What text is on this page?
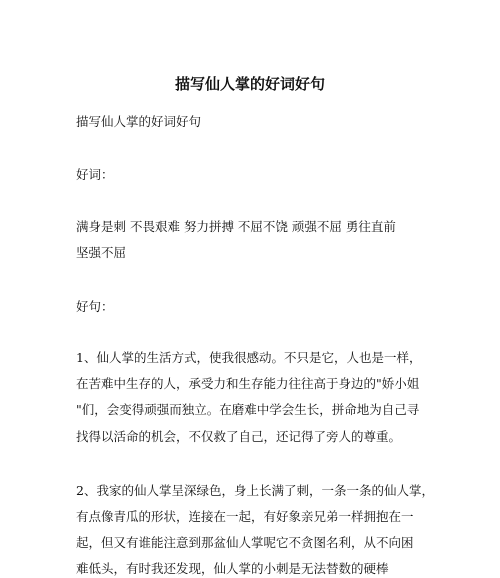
描写仙人掌的好词好句
描写仙人掌的好词好句
好词：
满身是刺 不畏艰难 努力拼搏 不屈不饶 顽强不屈 勇往直前
坚强不屈
好句：
1、仙人掌的生活方式，使我很感动。不只是它，人也是一样，
在苦难中生存的人，承受力和生存能力往往高于身边的"娇小姐
"们，会变得顽强而独立。在磨难中学会生长，拼命地为自己寻
找得以活命的机会，不仅救了自己，还记得了旁人的尊重。
2、我家的仙人掌呈深绿色，身上长满了刺，一条一条的仙人掌，
有点像青瓜的形状，连接在一起，有好象亲兄弟一样拥抱在一
起，但又有谁能注意到那盆仙人掌呢它不贪图名利，从不向困
难低头，有时我还发现，仙人掌的小刺是无法替数的硬棒
